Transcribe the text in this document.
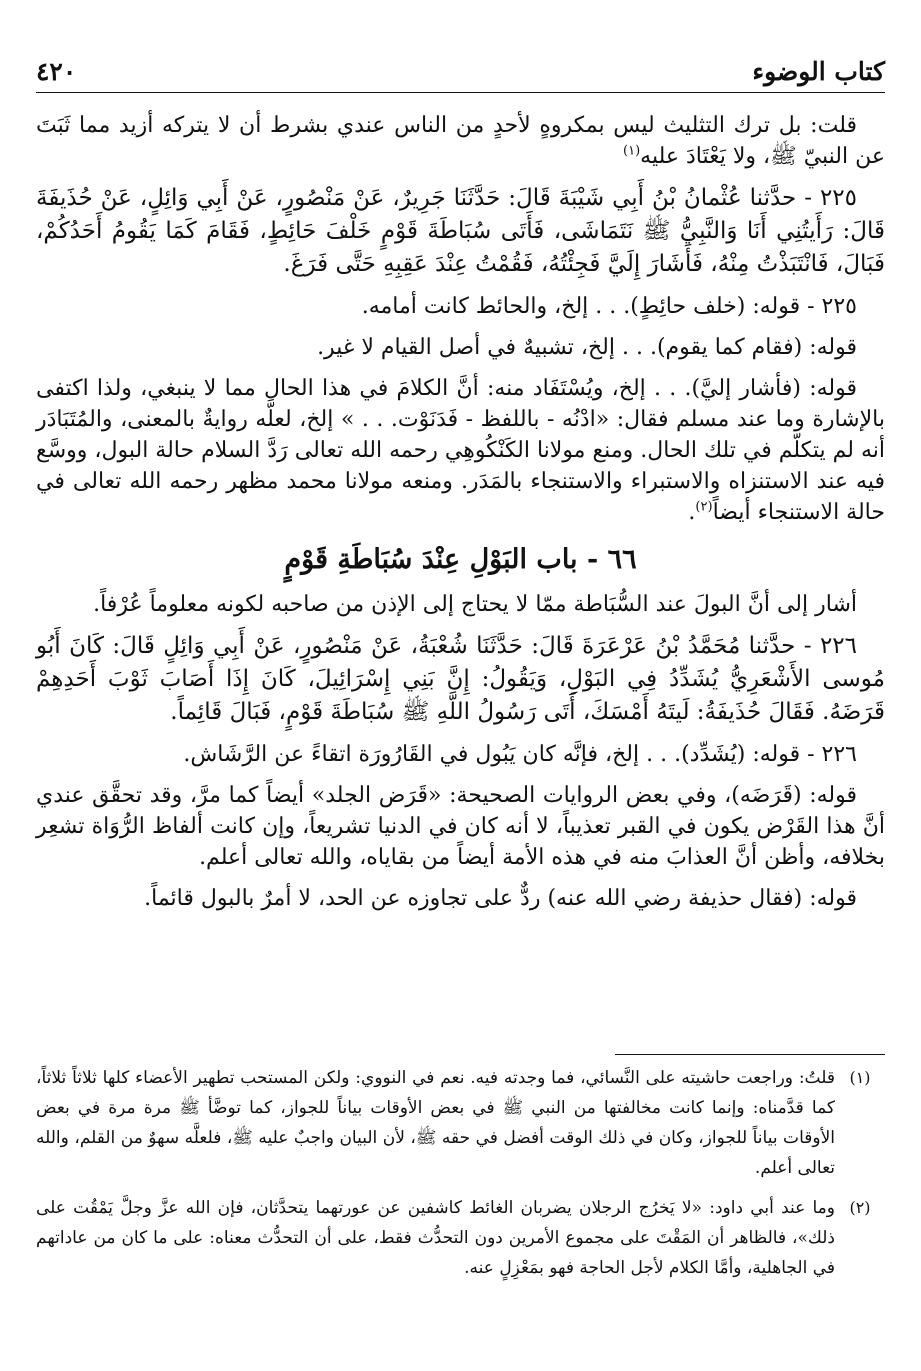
كتاب الوضوء
٤٢٠

قلت: بل ترك التثليث ليس بمكروهٍ لأحدٍ من الناس عندي بشرط أن لا يتركه أزيد مما ثَبَتَ عن النبيّ ﷺ، ولا يَعْتَادَ عليه$^{(١)}$

٢٢٥ - حدَّثنا عُثْمانُ بْنُ أَبِي شَيْبَةَ قَالَ: حَدَّثَنَا جَرِيرٌ، عَنْ مَنْصُورٍ، عَنْ أَبِي وَائِلٍ، عَنْ حُذَيفَةَ قَالَ: رَأَيتُنِي أَنَا وَالنَّبِيُّ ﷺ نَتَمَاشَى، فَأَتَى سُبَاطَةَ قَوْمٍ خَلْفَ حَائِطٍ، فَقَامَ كَمَا يَقُومُ أَحَدُكُمْ، فَبَالَ، فَانْتَبَذْتُ مِنْهُ، فَأَشَارَ إِلَيَّ فَجِئْتُهُ، فَقُمْتُ عِنْدَ عَقِبِهِ حَتَّى فَرَغَ.

٢٢٥ - قوله: (خلف حائِطٍ). . . إلخ، والحائط كانت أمامه.

قوله: (فقام كما يقوم). . . إلخ، تشبيهٌ في أصل القيام لا غير.

قوله: (فأشار إليَّ). . . إلخ، ويُسْتَفَاد منه: أنَّ الكلامَ في هذا الحال مما لا ينبغي، ولذا اكتفى بالإشارة وما عند مسلم فقال: «ادْنُه - باللفظ - فَدَنَوْت. . . » إلخ، لعلَّه روايةٌ بالمعنى، والمُتَبَادَر أنه لم يتكلّم في تلك الحال. ومنع مولانا الكَنْكُوهِي رحمه الله تعالى رَدَّ السلام حالة البول، ووسَّع فيه عند الاستنزاه والاستبراء والاستنجاء بالمَدَر. ومنعه مولانا محمد مظهر رحمه الله تعالى في حالة الاستنجاء أيضاً$^{(٢)}$.

٦٦ - باب البَوْلِ عِنْدَ سُبَاطَةِ قَوْمٍ

أشار إلى أنَّ البولَ عند السُّبَاطة ممّا لا يحتاج إلى الإذن من صاحبه لكونه معلوماً عُرْفاً.

٢٢٦ - حدَّثنا مُحَمَّدُ بْنُ عَرْعَرَةَ قَالَ: حَدَّثَنَا شُعْبَةُ، عَنْ مَنْصُورٍ، عَنْ أَبِي وَائِلٍ قَالَ: كَانَ أَبُو مُوسى الأَشْعَرِيُّ يُشَدِّدُ فِي البَوْلِ، وَيَقُولُ: إِنَّ بَنِي إِسْرَائِيلَ، كَانَ إِذَا أَصَابَ ثَوْبَ أَحَدِهِمْ قَرَضَهُ. فَقَالَ حُذَيفَةُ: لَيتَهُ أَمْسَكَ، أَتَى رَسُولُ اللَّهِ ﷺ سُبَاطَةَ قَوْمٍ، فَبَالَ قَائِماً.

٢٢٦ - قوله: (يُشَدِّد). . . إلخ، فإنَّه كان يَبُول في القَارُورَة اتقاءً عن الرَّشَاش.

قوله: (قَرَضَه)، وفي بعض الروايات الصحيحة: «قَرَض الجلد» أيضاً كما مرَّ، وقد تحقَّق عندي أنَّ هذا القَرْض يكون في القبر تعذيباً، لا أنه كان في الدنيا تشريعاً، وإن كانت ألفاظ الرُّوَاة تشعِر بخلافه، وأظن أنَّ العذابَ منه في هذه الأمة أيضاً من بقاياه، والله تعالى أعلم.

قوله: (فقال حذيفة رضي الله عنه) ردٌّ على تجاوزه عن الحد، لا أمرٌ بالبول قائماً.

(١)
قلتُ: وراجعت حاشيته على النَّسائي، فما وجدته فيه. نعم في النووي: ولكن المستحب تطهير الأعضاء كلها ثلاثاً ثلاثاً، كما قدَّمناه: وإنما كانت مخالفتها من النبي ﷺ في بعض الأوقات بياناً للجواز، كما توضَّأ ﷺ مرة مرة في بعض الأوقات بياناً للجواز، وكان في ذلك الوقت أفضل في حقه ﷺ، لأن البيان واجبٌ عليه ﷺ، فلعلَّه سهوٌ من القلم، والله تعالى أعلم.
(٢)
وما عند أبي داود: «لا يَخرُج الرجلان يضربان الغائط كاشفين عن عورتهما يتحدَّثان، فإن الله عزَّ وجلَّ يَمْقُت على ذلك»، فالظاهر أن المَقْتَ على مجموع الأمرين دون التحدُّث فقط، على أن التحدُّث معناه: على ما كان من عاداتهم في الجاهلية، وأمَّا الكلام لأجل الحاجة فهو بمَعْزِلٍ عنه.
